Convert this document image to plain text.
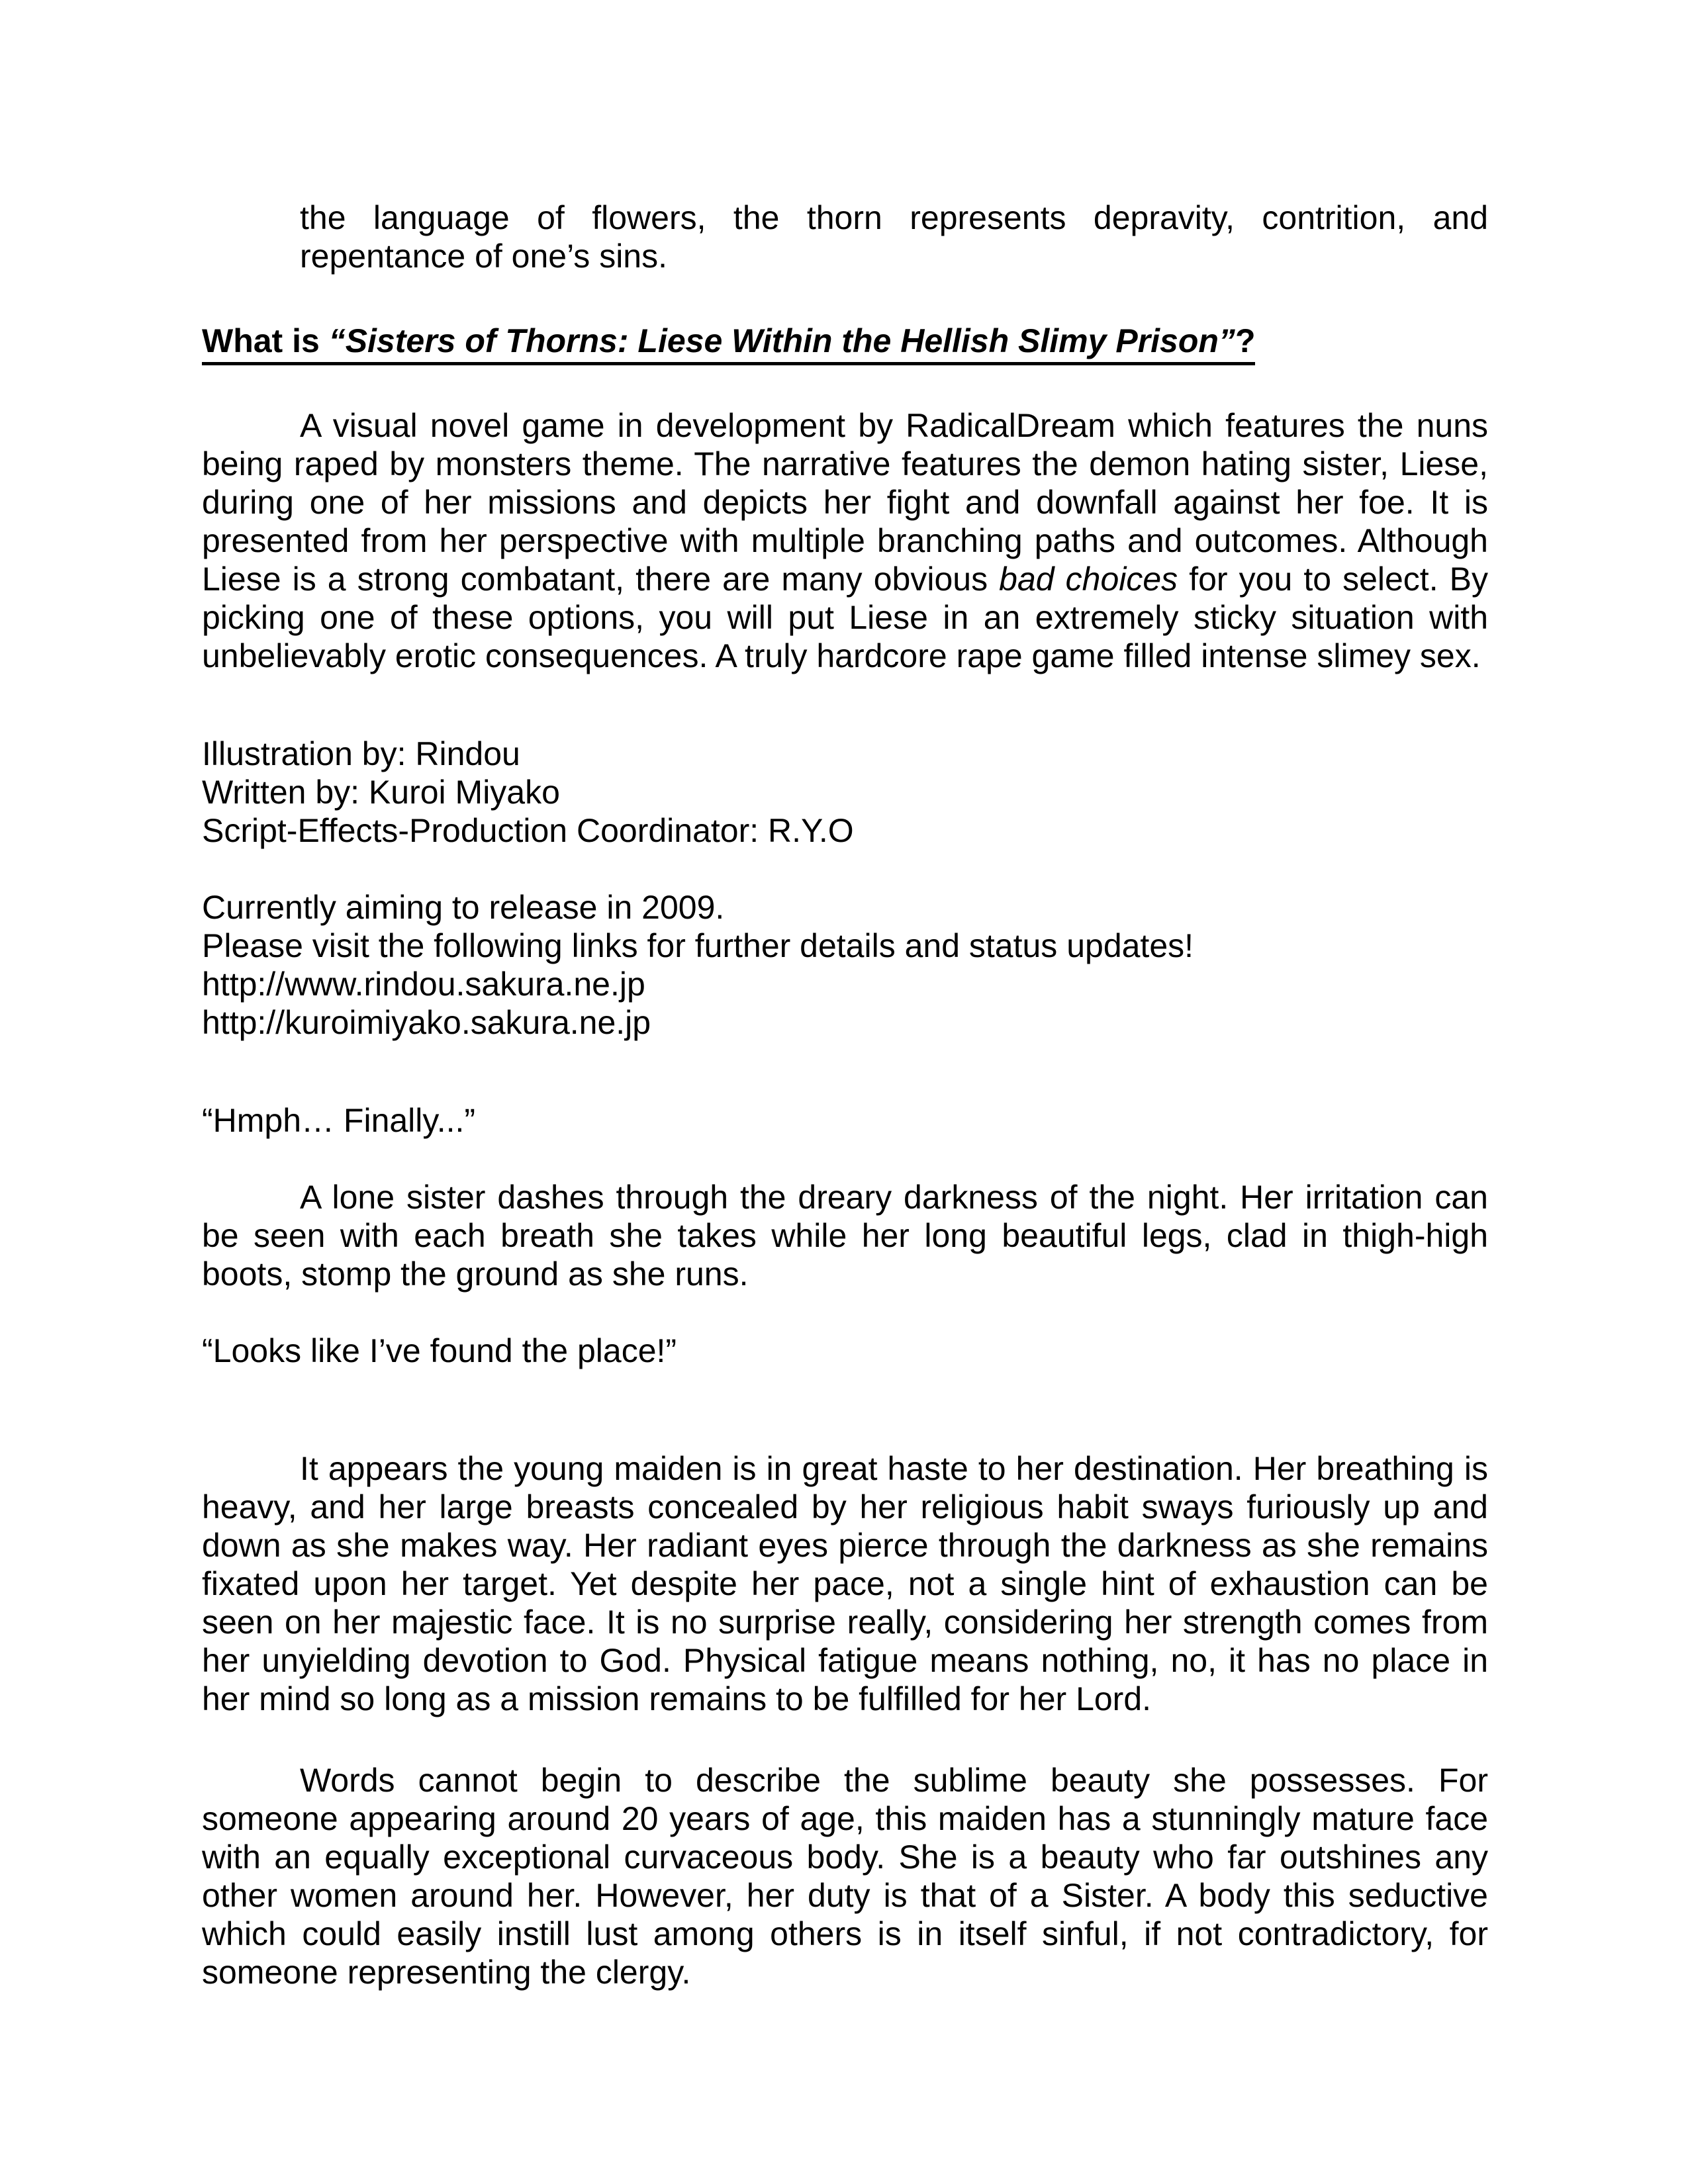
the language of flowers, the thorn represents depravity, contrition, and repentance of one’s sins.

What is “Sisters of Thorns: Liese Within the Hellish Slimy Prison”?

A visual novel game in development by RadicalDream which features the nuns being raped by monsters theme. The narrative features the demon hating sister, Liese, during one of her missions and depicts her fight and downfall against her foe. It is presented from her perspective with multiple branching paths and outcomes. Although Liese is a strong combatant, there are many obvious bad choices for you to select. By picking one of these options, you will put Liese in an extremely sticky situation with unbelievably erotic consequences. A truly hardcore rape game filled intense slimey sex.

Illustration by: Rindou

Written by: Kuroi Miyako

Script-Effects-Production Coordinator: R.Y.O

Currently aiming to release in 2009.

Please visit the following links for further details and status updates!

http://www.rindou.sakura.ne.jp

http://kuroimiyako.sakura.ne.jp

“Hmph… Finally...”

A lone sister dashes through the dreary darkness of the night. Her irritation can be seen with each breath she takes while her long beautiful legs, clad in thigh-high boots, stomp the ground as she runs.

“Looks like I’ve found the place!”

It appears the young maiden is in great haste to her destination. Her breathing is heavy, and her large breasts concealed by her religious habit sways furiously up and down as she makes way. Her radiant eyes pierce through the darkness as she remains fixated upon her target. Yet despite her pace, not a single hint of exhaustion can be seen on her majestic face. It is no surprise really, considering her strength comes from her unyielding devotion to God. Physical fatigue means nothing, no, it has no place in her mind so long as a mission remains to be fulfilled for her Lord.

Words cannot begin to describe the sublime beauty she possesses. For someone appearing around 20 years of age, this maiden has a stunningly mature face with an equally exceptional curvaceous body. She is a beauty who far outshines any other women around her. However, her duty is that of a Sister. A body this seductive which could easily instill lust among others is in itself sinful, if not contradictory, for someone representing the clergy.
